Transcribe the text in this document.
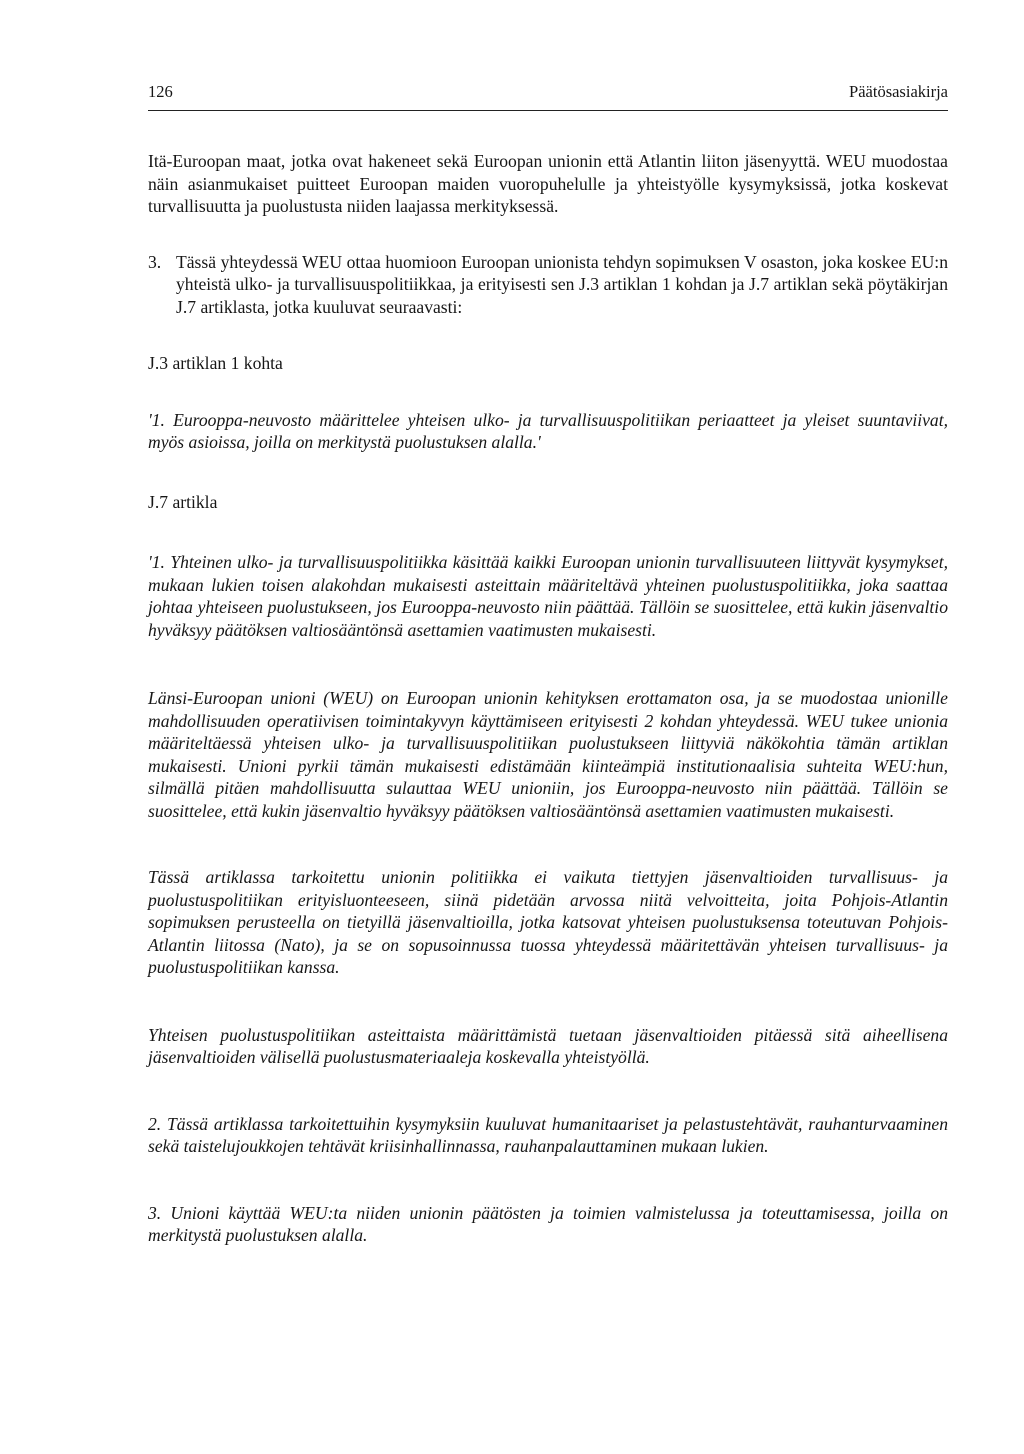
126	Päätösasiakirja

Itä-Euroopan maat, jotka ovat hakeneet sekä Euroopan unionin että Atlantin liiton jäsenyyttä. WEU muodostaa näin asianmukaiset puitteet Euroopan maiden vuoropuhelulle ja yhteistyölle kysymyksissä, jotka koskevat turvallisuutta ja puolustusta niiden laajassa merkityksessä.

3. Tässä yhteydessä WEU ottaa huomioon Euroopan unionista tehdyn sopimuksen V osaston, joka koskee EU:n yhteistä ulko- ja turvallisuuspolitiikkaa, ja erityisesti sen J.3 artiklan 1 kohdan ja J.7 artiklan sekä pöytäkirjan J.7 artiklasta, jotka kuuluvat seuraavasti:

J.3 artiklan 1 kohta

'1. Eurooppa-neuvosto määrittelee yhteisen ulko- ja turvallisuuspolitiikan periaatteet ja yleiset suuntaviivat, myös asioissa, joilla on merkitystä puolustuksen alalla.'

J.7 artikla

'1. Yhteinen ulko- ja turvallisuuspolitiikka käsittää kaikki Euroopan unionin turvallisuuteen liittyvät kysymykset, mukaan lukien toisen alakohdan mukaisesti asteittain määriteltävä yhteinen puolustuspolitiikka, joka saattaa johtaa yhteiseen puolustukseen, jos Eurooppa-neuvosto niin päättää. Tällöin se suosittelee, että kukin jäsenvaltio hyväksyy päätöksen valtiosääntönsä asettamien vaatimusten mukaisesti.

Länsi-Euroopan unioni (WEU) on Euroopan unionin kehityksen erottamaton osa, ja se muodostaa unionille mahdollisuuden operatiivisen toimintakyvyn käyttämiseen erityisesti 2 kohdan yhteydessä. WEU tukee unionia määriteltäessä yhteisen ulko- ja turvallisuuspolitiikan puolustukseen liittyviä näkökohtia tämän artiklan mukaisesti. Unioni pyrkii tämän mukaisesti edistämään kiinteämpiä institutionaalisia suhteita WEU:hun, silmällä pitäen mahdollisuutta sulauttaa WEU unioniin, jos Eurooppa-neuvosto niin päättää. Tällöin se suosittelee, että kukin jäsenvaltio hyväksyy päätöksen valtiosääntönsä asettamien vaatimusten mukaisesti.

Tässä artiklassa tarkoitettu unionin politiikka ei vaikuta tiettyjen jäsenvaltioiden turvallisuus- ja puolustuspolitiikan erityisluonteeseen, siinä pidetään arvossa niitä velvoitteita, joita Pohjois-Atlantin sopimuksen perusteella on tietyillä jäsenvaltioilla, jotka katsovat yhteisen puolustuksensa toteutuvan Pohjois-Atlantin liitossa (Nato), ja se on sopusoinnussa tuossa yhteydessä määritettävän yhteisen turvallisuus- ja puolustuspolitiikan kanssa.

Yhteisen puolustuspolitiikan asteittaista määrittämistä tuetaan jäsenvaltioiden pitäessä sitä aiheellisena jäsenvaltioiden välisellä puolustusmateriaaleja koskevalla yhteistyöllä.

2. Tässä artiklassa tarkoitettuihin kysymyksiin kuuluvat humanitaariset ja pelastustehtävät, rauhanturvaaminen sekä taistelujoukkojen tehtävät kriisinhallinnassa, rauhanpalauttaminen mukaan lukien.

3. Unioni käyttää WEU:ta niiden unionin päätösten ja toimien valmistelussa ja toteuttamisessa, joilla on merkitystä puolustuksen alalla.
